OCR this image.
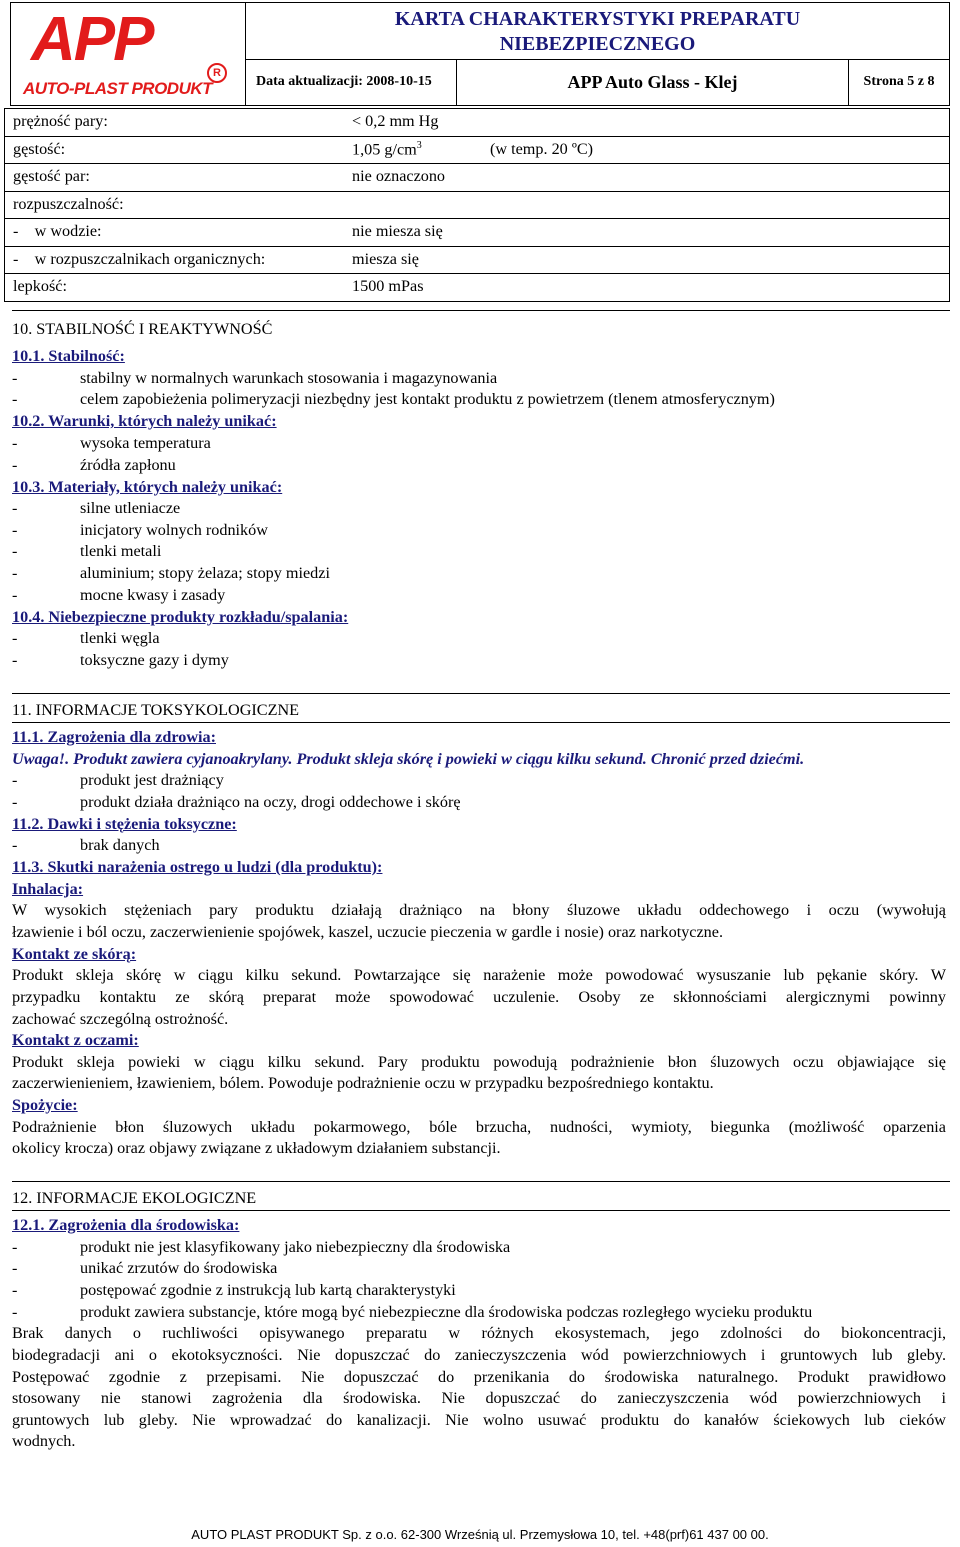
APP	R
AUTO-PLAST PRODUKT
KARTA CHARAKTERYSTYKI PREPARATU
NIEBEZPIECZNEGO
Data aktualizacji: 2008-10-15	APP Auto Glass - Klej	Strona 5 z 8
prężność pary:	< 0,2 mm Hg

gęstość:	1,05 $g/cm^3$	(w temp. 20 ºC)

gęstość par:	nie oznaczono

rozpuszczalność:

-    w wodzie:	nie miesza się

-    w rozpuszczalnikach organicznych:	miesza się

lepkość:	1500 mPas
10. STABILNOŚĆ I REAKTYWNOŚĆ
10.1. Stabilność:
-	stabilny w normalnych warunkach stosowania i magazynowania
-	celem zapobieżenia polimeryzacji niezbędny jest kontakt produktu z powietrzem (tlenem atmosferycznym)
10.2. Warunki, których należy unikać:
-	wysoka temperatura
-	źródła zapłonu
10.3. Materiały, których należy unikać:
-	silne utleniacze
-	inicjatory wolnych rodników
-	tlenki metali
-	aluminium; stopy żelaza; stopy miedzi
-	mocne kwasy i zasady
10.4. Niebezpieczne produkty rozkładu/spalania:
-	tlenki węgla
-	toksyczne gazy i dymy
11. INFORMACJE TOKSYKOLOGICZNE
11.1. Zagrożenia dla zdrowia:
Uwaga!. Produkt zawiera cyjanoakrylany. Produkt skleja skórę i powieki w ciągu kilku sekund. Chronić przed dziećmi.
-	produkt jest drażniący
-	produkt działa drażniąco na oczy, drogi oddechowe i skórę
11.2. Dawki i stężenia toksyczne:
-	brak danych
11.3. Skutki narażenia ostrego u ludzi (dla produktu):
Inhalacja:
W wysokich stężeniach pary produktu działają drażniąco na błony śluzowe układu oddechowego i oczu (wywołują
łzawienie i ból oczu, zaczerwienienie spojówek, kaszel, uczucie pieczenia w gardle i nosie) oraz narkotyczne.
Kontakt ze skórą:
Produkt skleja skórę w ciągu kilku sekund. Powtarzające się narażenie może powodować wysuszanie lub pękanie skóry. W
przypadku kontaktu ze skórą preparat może spowodować uczulenie. Osoby ze skłonnościami alergicznymi powinny
zachować szczególną ostrożność.
Kontakt z oczami:
Produkt skleja powieki w ciągu kilku sekund. Pary produktu powodują podrażnienie błon śluzowych oczu objawiające się
zaczerwienieniem, łzawieniem, bólem. Powoduje podrażnienie oczu w przypadku bezpośredniego kontaktu.
Spożycie:
Podrażnienie błon śluzowych układu pokarmowego, bóle brzucha, nudności, wymioty, biegunka (możliwość oparzenia
okolicy krocza) oraz objawy związane z układowym działaniem substancji.
12. INFORMACJE EKOLOGICZNE
12.1. Zagrożenia dla środowiska:
-	produkt nie jest klasyfikowany jako niebezpieczny dla środowiska
-	unikać zrzutów do środowiska
-	postępować zgodnie z instrukcją lub kartą charakterystyki
-	produkt zawiera substancje, które mogą być niebezpieczne dla środowiska podczas rozległego wycieku produktu
Brak danych o ruchliwości opisywanego preparatu w różnych ekosystemach, jego zdolności do biokoncentracji,
biodegradacji ani o ekotoksyczności. Nie dopuszczać do zanieczyszczenia wód powierzchniowych i gruntowych lub gleby.
Postępować zgodnie z przepisami. Nie dopuszczać do przenikania do środowiska naturalnego. Produkt prawidłowo
stosowany nie stanowi zagrożenia dla środowiska. Nie dopuszczać do zanieczyszczenia wód powierzchniowych i
gruntowych lub gleby. Nie wprowadzać do kanalizacji. Nie wolno usuwać produktu do kanałów ściekowych lub cieków
wodnych.
AUTO PLAST PRODUKT Sp. z o.o. 62-300 Wrześnią ul. Przemysłowa 10, tel. +48(prf)61 437 00 00.
